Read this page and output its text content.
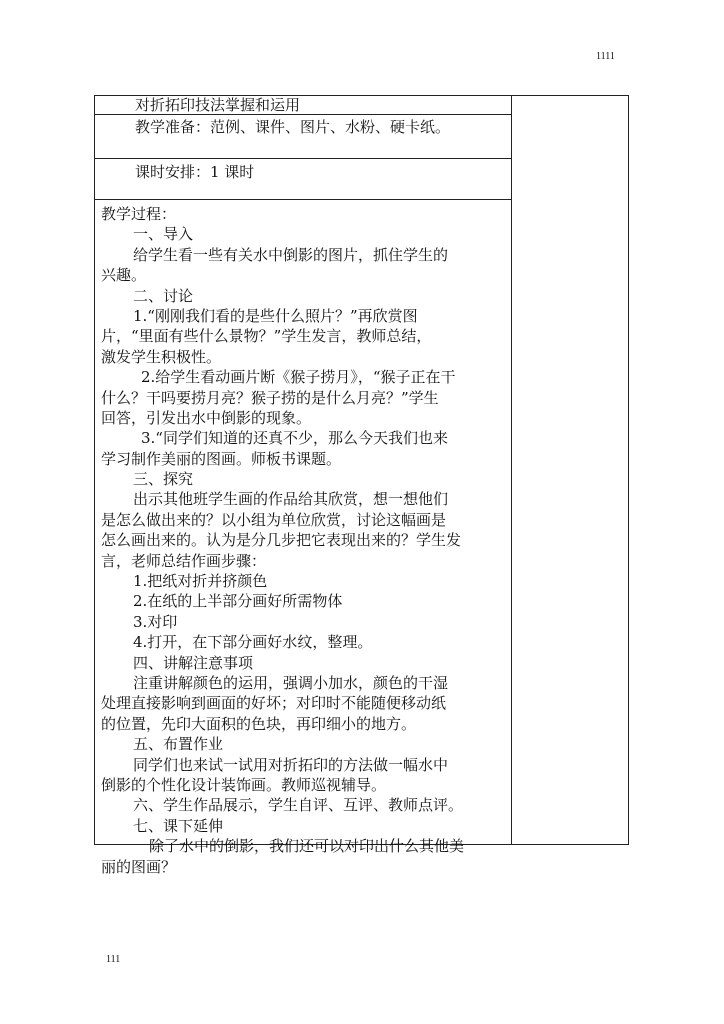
1111
对折拓印技法掌握和运用
教学准备：范例、课件、图片、水粉、硬卡纸。
课时安排：1 课时
教学过程：
一、导入
给学生看一些有关水中倒影的图片，抓住学生的
兴趣。
二、讨论
1.“刚刚我们看的是些什么照片？”再欣赏图
片，“里面有些什么景物？”学生发言，教师总结，
激发学生积极性。
2.给学生看动画片断《猴子捞月》，“猴子正在干
什么？干吗要捞月亮？猴子捞的是什么月亮？”学生
回答，引发出水中倒影的现象。
3.“同学们知道的还真不少，那么今天我们也来
学习制作美丽的图画。师板书课题。
三、探究
出示其他班学生画的作品给其欣赏，想一想他们
是怎么做出来的？以小组为单位欣赏，讨论这幅画是
怎么画出来的。认为是分几步把它表现出来的？学生发
言，老师总结作画步骤：
1.把纸对折并挤颜色
2.在纸的上半部分画好所需物体
3.对印
4.打开，在下部分画好水纹，整理。
四、讲解注意事项
注重讲解颜色的运用，强调小加水，颜色的干湿
处理直接影响到画面的好坏；对印时不能随便移动纸
的位置，先印大面积的色块，再印细小的地方。
五、布置作业
同学们也来试一试用对折拓印的方法做一幅水中
倒影的个性化设计装饰画。教师巡视辅导。
六、学生作品展示，学生自评、互评、教师点评。
七、课下延伸
除了水中的倒影，我们还可以对印出什么其他美
丽的图画？
111
